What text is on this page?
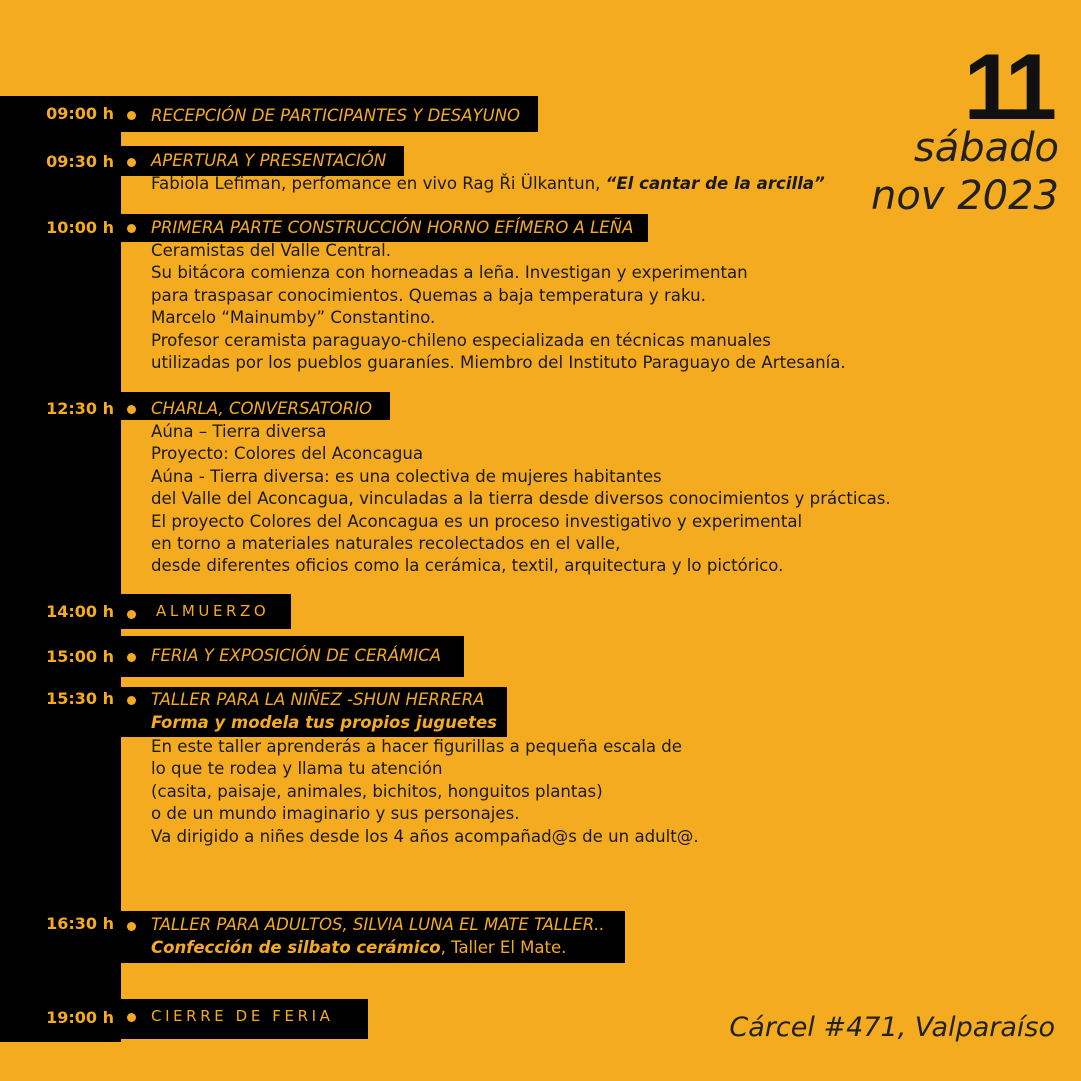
11
sábado
nov 2023
09:00 h RECEPCIÓN DE PARTICIPANTES Y DESAYUNO
09:30 h APERTURA Y PRESENTACIÓN
Fabiola Lefiman, perfomance en vivo Rag Ři Ülkantun, “El cantar de la arcilla”
10:00 h PRIMERA PARTE CONSTRUCCIÓN HORNO EFÍMERO A LEÑA
Ceramistas del Valle Central.
Su bitácora comienza con horneadas a leña. Investigan y experimentan
para traspasar conocimientos. Quemas a baja temperatura y raku.
Marcelo “Mainumby” Constantino.
Profesor ceramista paraguayo-chileno especializada en técnicas manuales
utilizadas por los pueblos guaraníes. Miembro del Instituto Paraguayo de Artesanía.
12:30 h CHARLA, CONVERSATORIO
Aúna – Tierra diversa
Proyecto: Colores del Aconcagua
Aúna - Tierra diversa: es una colectiva de mujeres habitantes
del Valle del Aconcagua, vinculadas a la tierra desde diversos conocimientos y prácticas.
El proyecto Colores del Aconcagua es un proceso investigativo y experimental
en torno a materiales naturales recolectados en el valle,
desde diferentes oficios como la cerámica, textil, arquitectura y lo pictórico.
14:00 h	ALMUERZO
15:00 h FERIA Y EXPOSICIÓN DE CERÁMICA
15:30 h TALLER PARA LA NIÑEZ -SHUN HERRERA
Forma y modela tus propios juguetes
En este taller aprenderás a hacer figurillas a pequeña escala de
lo que te rodea y llama tu atención
(casita, paisaje, animales, bichitos, honguitos plantas)
o de un mundo imaginario y sus personajes.
Va dirigido a niñes desde los 4 años acompañad@s de un adult@.
abierto a la comunidad $5.000 por participante
16:30 h TALLER PARA ADULTOS, SILVIA LUNA EL MATE TALLER..
Confección de silbato cerámico, Taller El Mate.
abierto a la comunidad $5.000 por participante
19:00 h CIERRE DE FERIA	Cárcel #471, Valparaíso
